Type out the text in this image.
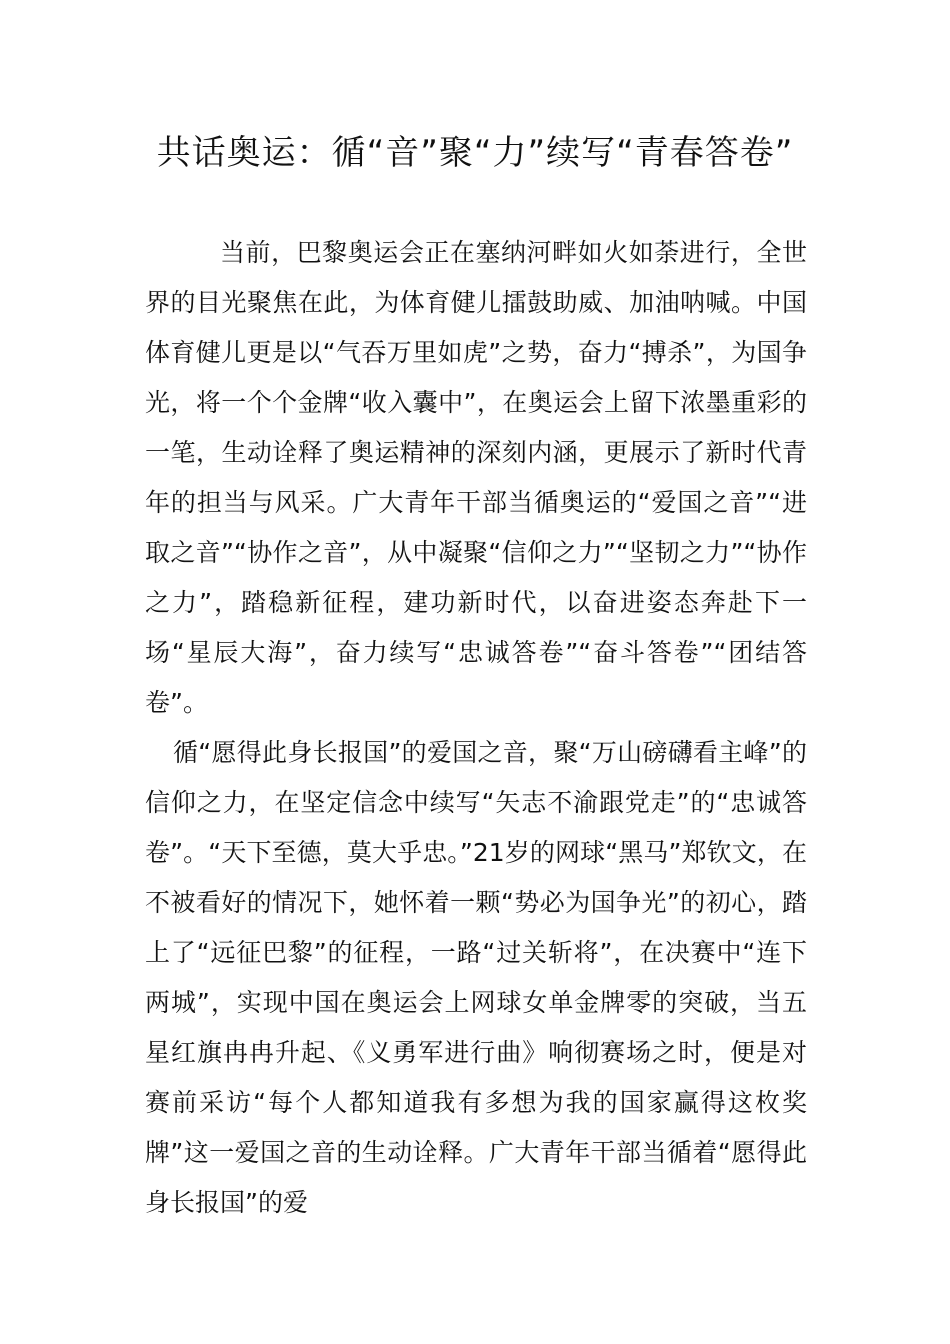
共话奥运：循“音”聚“力”续写“青春答卷”

当前，巴黎奥运会正在塞纳河畔如火如荼进行，全世界的目光聚焦在此，为体育健儿擂鼓助威、加油呐喊。中国体育健儿更是以“气吞万里如虎”之势，奋力“搏杀”，为国争光，将一个个金牌“收入囊中”，在奥运会上留下浓墨重彩的一笔，生动诠释了奥运精神的深刻内涵，更展示了新时代青年的担当与风采。广大青年干部当循奥运的“爱国之音”“进取之音”“协作之音”，从中凝聚“信仰之力”“坚韧之力”“协作之力”，踏稳新征程，建功新时代，以奋进姿态奔赴下一场“星辰大海”，奋力续写“忠诚答卷”“奋斗答卷”“团结答卷”。

循“愿得此身长报国”的爱国之音，聚“万山磅礴看主峰”的信仰之力，在坚定信念中续写“矢志不渝跟党走”的“忠诚答卷”。“天下至德，莫大乎忠。”21岁的网球“黑马”郑钦文，在不被看好的情况下，她怀着一颗“势必为国争光”的初心，踏上了“远征巴黎”的征程，一路“过关斩将”，在决赛中“连下两城”，实现中国在奥运会上网球女单金牌零的突破，当五星红旗冉冉升起、《义勇军进行曲》响彻赛场之时，便是对赛前采访“每个人都知道我有多想为我的国家赢得这枚奖牌”这一爱国之音的生动诠释。广大青年干部当循着“愿得此身长报国”的爱
